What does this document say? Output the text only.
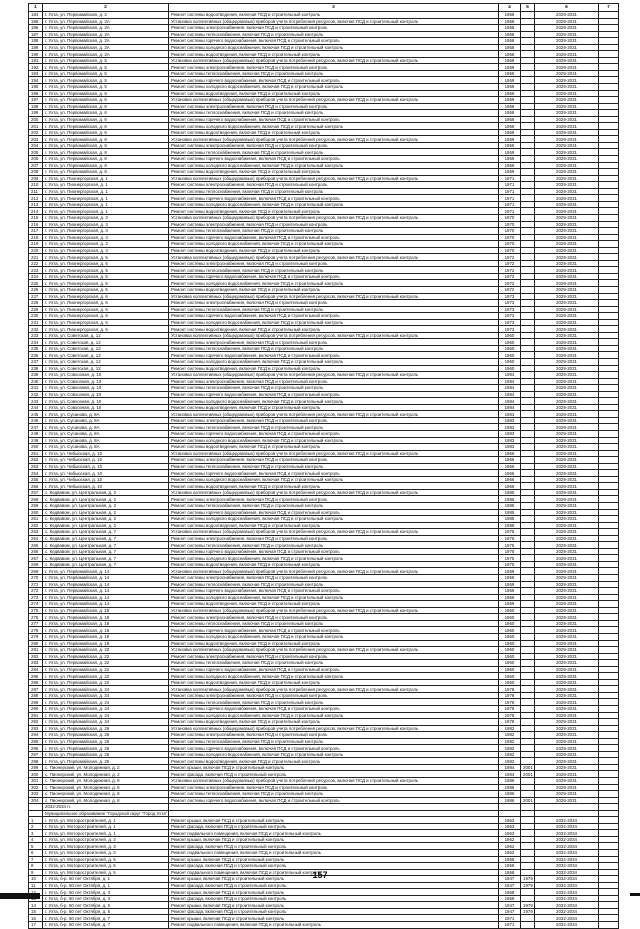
1	2	3	4	5	6	7
184	г. Ухта, ул. Первомайская, д. 2	Ремонт системы водоотведения, включая ПСД и строительный контроль	1958		2029-2031	
185	г. Ухта, ул. Первомайская, д. 2А	Установка коллективных (общедомовых) приборов учета потребления ресурсов, включая ПСД и строительный контроль	1958		2029-2031	
186	г. Ухта, ул. Первомайская, д. 2А	Ремонт системы электроснабжения, включая ПСД и строительный контроль	1958		2029-2031	
187	г. Ухта, ул. Первомайская, д. 2А	Ремонт системы теплоснабжения, включая ПСД и строительный контроль	1958		2029-2031	
188	г. Ухта, ул. Первомайская, д. 2А	Ремонт системы горячего водоснабжения, включая ПСД и строительный контроль	1958		2029-2031	
189	г. Ухта, ул. Первомайская, д. 2А	Ремонт системы холодного водоснабжения, включая ПСД и строительный контроль	1958		2029-2031	
190	г. Ухта, ул. Первомайская, д. 2А	Ремонт системы водоотведения, включая ПСД и строительный контроль	1958		2029-2031	
191	г. Ухта, ул. Первомайская, д. 5	Установка коллективных (общедомовых) приборов учета потребления ресурсов, включая ПСД и строительный контроль	1959		2029-2031	
192	г. Ухта, ул. Первомайская, д. 5	Ремонт системы электроснабжения, включая ПСД и строительный контроль	1959		2029-2031	
193	г. Ухта, ул. Первомайская, д. 5	Ремонт системы теплоснабжения, включая ПСД и строительный контроль	1959		2029-2031	
194	г. Ухта, ул. Первомайская, д. 5	Ремонт системы горячего водоснабжения, включая ПСД и строительный контроль	1959		2029-2031	
195	г. Ухта, ул. Первомайская, д. 5	Ремонт системы холодного водоснабжения, включая ПСД и строительный контроль	1959		2029-2031	
196	г. Ухта, ул. Первомайская, д. 5	Ремонт системы водоотведения, включая ПСД и строительный контроль	1959		2029-2031	
197	г. Ухта, ул. Первомайская, д. 6	Установка коллективных (общедомовых) приборов учета потребления ресурсов, включая ПСД и строительный контроль	1959		2029-2031	
198	г. Ухта, ул. Первомайская, д. 6	Ремонт системы электроснабжения, включая ПСД и строительный контроль	1959		2029-2031	
199	г. Ухта, ул. Первомайская, д. 6	Ремонт системы теплоснабжения, включая ПСД и строительный контроль	1959		2029-2031	
200	г. Ухта, ул. Первомайская, д. 6	Ремонт системы горячего водоснабжения, включая ПСД и строительный контроль	1959		2029-2031	
201	г. Ухта, ул. Первомайская, д. 6	Ремонт системы холодного водоснабжения, включая ПСД и строительный контроль	1959		2029-2031	
202	г. Ухта, ул. Первомайская, д. 6	Ремонт системы водоотведения, включая ПСД и строительный контроль	1959		2029-2031	
203	г. Ухта, ул. Первомайская, д. 8	Установка коллективных (общедомовых) приборов учета потребления ресурсов, включая ПСД и строительный контроль	1959		2029-2031	
204	г. Ухта, ул. Первомайская, д. 8	Ремонт системы электроснабжения, включая ПСД и строительный контроль	1959		2029-2031	
205	г. Ухта, ул. Первомайская, д. 8	Ремонт системы теплоснабжения, включая ПСД и строительный контроль	1959		2029-2031	
206	г. Ухта, ул. Первомайская, д. 8	Ремонт системы горячего водоснабжения, включая ПСД и строительный контроль	1959		2029-2031	
207	г. Ухта, ул. Первомайская, д. 8	Ремонт системы холодного водоснабжения, включая ПСД и строительный контроль	1959		2029-2031	
208	г. Ухта, ул. Первомайская, д. 8	Ремонт системы водоотведения, включая ПСД и строительный контроль	1959		2029-2031	
209	г. Ухта, ул. Пионергорская, д. 1	Установка коллективных (общедомовых) приборов учета потребления ресурсов, включая ПСД и строительный контроль	1971		2029-2031	
210	г. Ухта, ул. Пионергорская, д. 1	Ремонт системы электроснабжения, включая ПСД и строительный контроль	1971		2029-2031	
211	г. Ухта, ул. Пионергорская, д. 1	Ремонт системы теплоснабжения, включая ПСД и строительный контроль	1971		2029-2031	
212	г. Ухта, ул. Пионергорская, д. 1	Ремонт системы горячего водоснабжения, включая ПСД и строительный контроль	1971		2029-2031	
213	г. Ухта, ул. Пионергорская, д. 1	Ремонт системы холодного водоснабжения, включая ПСД и строительный контроль	1971		2029-2031	
214	г. Ухта, ул. Пионергорская, д. 1	Ремонт системы водоотведения, включая ПСД и строительный контроль	1971		2029-2031	
215	г. Ухта, ул. Пионергорская, д. 3	Установка коллективных (общедомовых) приборов учета потребления ресурсов, включая ПСД и строительный контроль	1970		2029-2031	
216	г. Ухта, ул. Пионергорская, д. 3	Ремонт системы электроснабжения, включая ПСД и строительный контроль	1970		2029-2031	
217	г. Ухта, ул. Пионергорская, д. 3	Ремонт системы теплоснабжения, включая ПСД и строительный контроль	1970		2029-2031	
218	г. Ухта, ул. Пионергорская, д. 3	Ремонт системы горячего водоснабжения, включая ПСД и строительный контроль	1970		2029-2031	
219	г. Ухта, ул. Пионергорская, д. 3	Ремонт системы холодного водоснабжения, включая ПСД и строительный контроль	1970		2029-2031	
220	г. Ухта, ул. Пионергорская, д. 3	Ремонт системы водоотведения, включая ПСД и строительный контроль	1970		2029-2031	
221	г. Ухта, ул. Пионергорская, д. 5	Установка коллективных (общедомовых) приборов учета потребления ресурсов, включая ПСД и строительный контроль	1972		2029-2031	
222	г. Ухта, ул. Пионергорская, д. 5	Ремонт системы электроснабжения, включая ПСД и строительный контроль	1972		2029-2031	
223	г. Ухта, ул. Пионергорская, д. 5	Ремонт системы теплоснабжения, включая ПСД и строительный контроль	1972		2029-2031	
224	г. Ухта, ул. Пионергорская, д. 5	Ремонт системы горячего водоснабжения, включая ПСД и строительный контроль	1972		2029-2031	
225	г. Ухта, ул. Пионергорская, д. 5	Ремонт системы холодного водоснабжения, включая ПСД и строительный контроль	1972		2029-2031	
226	г. Ухта, ул. Пионергорская, д. 5	Ремонт системы водоотведения, включая ПСД и строительный контроль	1972		2029-2031	
227	г. Ухта, ул. Пионергорская, д. 6	Установка коллективных (общедомовых) приборов учета потребления ресурсов, включая ПСД и строительный контроль	1973		2029-2031	
228	г. Ухта, ул. Пионергорская, д. 6	Ремонт системы электроснабжения, включая ПСД и строительный контроль	1973		2029-2031	
229	г. Ухта, ул. Пионергорская, д. 6	Ремонт системы теплоснабжения, включая ПСД и строительный контроль	1973		2029-2031	
230	г. Ухта, ул. Пионергорская, д. 6	Ремонт системы горячего водоснабжения, включая ПСД и строительный контроль	1973		2029-2031	
231	г. Ухта, ул. Пионергорская, д. 6	Ремонт системы холодного водоснабжения, включая ПСД и строительный контроль	1973		2029-2031	
232	г. Ухта, ул. Пионергорская, д. 6	Ремонт системы водоотведения, включая ПСД и строительный контроль	1973		2029-2031	
233	г. Ухта, ул. Советская, д. 12	Установка коллективных (общедомовых) приборов учета потребления ресурсов, включая ПСД и строительный контроль	1960		2029-2031	
234	г. Ухта, ул. Советская, д. 12	Ремонт системы электроснабжения, включая ПСД и строительный контроль	1960		2029-2031	
235	г. Ухта, ул. Советская, д. 12	Ремонт системы теплоснабжения, включая ПСД и строительный контроль	1960		2029-2031	
236	г. Ухта, ул. Советская, д. 12	Ремонт системы горячего водоснабжения, включая ПСД и строительный контроль	1960		2029-2031	
237	г. Ухта, ул. Советская, д. 12	Ремонт системы холодного водоснабжения, включая ПСД и строительный контроль	1960		2029-2031	
238	г. Ухта, ул. Советская, д. 12	Ремонт системы водоотведения, включая ПСД и строительный контроль	1960		2029-2031	
239	г. Ухта, ул. Совхозная, д. 10	Установка коллективных (общедомовых) приборов учета потребления ресурсов, включая ПСД и строительный контроль	1984		2029-2031	
240	г. Ухта, ул. Совхозная, д. 10	Ремонт системы электроснабжения, включая ПСД и строительный контроль	1984		2029-2031	
241	г. Ухта, ул. Совхозная, д. 10	Ремонт системы теплоснабжения, включая ПСД и строительный контроль	1984		2029-2031	
242	г. Ухта, ул. Совхозная, д. 10	Ремонт системы горячего водоснабжения, включая ПСД и строительный контроль	1984		2029-2031	
243	г. Ухта, ул. Совхозная, д. 10	Ремонт системы холодного водоснабжения, включая ПСД и строительный контроль	1984		2029-2031	
244	г. Ухта, ул. Совхозная, д. 10	Ремонт системы водоотведения, включая ПСД и строительный контроль	1984		2029-2031	
245	г. Ухта, ул. Сусанова, д. 8А	Установка коллективных (общедомовых) приборов учета потребления ресурсов, включая ПСД и строительный контроль	1983		2029-2031	
246	г. Ухта, ул. Сусанова, д. 8А	Ремонт системы электроснабжения, включая ПСД и строительный контроль	1983		2029-2031	
247	г. Ухта, ул. Сусанова, д. 8А	Ремонт системы теплоснабжения, включая ПСД и строительный контроль	1983		2029-2031	
248	г. Ухта, ул. Сусанова, д. 8А	Ремонт системы горячего водоснабжения, включая ПСД и строительный контроль	1983		2029-2031	
249	г. Ухта, ул. Сусанова, д. 8А	Ремонт системы холодного водоснабжения, включая ПСД и строительный контроль	1983		2029-2031	
250	г. Ухта, ул. Сусанова, д. 8А	Ремонт системы водоотведения, включая ПСД и строительный контроль	1983		2029-2031	
251	г. Ухта, ул. Чибьюская, д. 10	Установка коллективных (общедомовых) приборов учета потребления ресурсов, включая ПСД и строительный контроль	1966		2029-2031	
252	г. Ухта, ул. Чибьюская, д. 10	Ремонт системы электроснабжения, включая ПСД и строительный контроль	1966		2029-2031	
253	г. Ухта, ул. Чибьюская, д. 10	Ремонт системы теплоснабжения, включая ПСД и строительный контроль	1966		2029-2031	
254	г. Ухта, ул. Чибьюская, д. 10	Ремонт системы горячего водоснабжения, включая ПСД и строительный контроль	1966		2029-2031	
255	г. Ухта, ул. Чибьюская, д. 10	Ремонт системы холодного водоснабжения, включая ПСД и строительный контроль	1966		2029-2031	
256	г. Ухта, ул. Чибьюская, д. 10	Ремонт системы водоотведения, включая ПСД и строительный контроль	1966		2029-2031	
257	с. Кедвавом, ул. Центральная, д. 2	Установка коллективных (общедомовых) приборов учета потребления ресурсов, включая ПСД и строительный контроль	1985		2029-2031	
258	с. Кедвавом, ул. Центральная, д. 2	Ремонт системы электроснабжения, включая ПСД и строительный контроль	1985		2029-2031	
259	с. Кедвавом, ул. Центральная, д. 2	Ремонт системы теплоснабжения, включая ПСД и строительный контроль	1985		2029-2031	
260	с. Кедвавом, ул. Центральная, д. 2	Ремонт системы горячего водоснабжения, включая ПСД и строительный контроль	1985		2029-2031	
261	с. Кедвавом, ул. Центральная, д. 2	Ремонт системы холодного водоснабжения, включая ПСД и строительный контроль	1985		2029-2031	
262	с. Кедвавом, ул. Центральная, д. 2	Ремонт системы водоотведения, включая ПСД и строительный контроль	1985		2029-2031	
263	с. Кедвавом, ул. Центральная, д. 7	Установка коллективных (общедомовых) приборов учета потребления ресурсов, включая ПСД и строительный контроль	1975		2029-2031	
264	с. Кедвавом, ул. Центральная, д. 7	Ремонт системы электроснабжения, включая ПСД и строительный контроль	1975		2029-2031	
265	с. Кедвавом, ул. Центральная, д. 7	Ремонт системы теплоснабжения, включая ПСД и строительный контроль	1975		2029-2031	
266	с. Кедвавом, ул. Центральная, д. 7	Ремонт системы горячего водоснабжения, включая ПСД и строительный контроль	1975		2029-2031	
267	с. Кедвавом, ул. Центральная, д. 7	Ремонт системы холодного водоснабжения, включая ПСД и строительный контроль	1975		2029-2031	
268	с. Кедвавом, ул. Центральная, д. 7	Ремонт системы водоотведения, включая ПСД и строительный контроль	1975		2029-2031	
269	г. Ухта, ул. Первомайская, д. 14	Установка коллективных (общедомовых) приборов учета потребления ресурсов, включая ПСД и строительный контроль	1959		2029-2031	
270	г. Ухта, ул. Первомайская, д. 14	Ремонт системы электроснабжения, включая ПСД и строительный контроль	1959		2029-2031	
271	г. Ухта, ул. Первомайская, д. 14	Ремонт системы теплоснабжения, включая ПСД и строительный контроль	1959		2029-2031	
272	г. Ухта, ул. Первомайская, д. 14	Ремонт системы горячего водоснабжения, включая ПСД и строительный контроль	1959		2029-2031	
273	г. Ухта, ул. Первомайская, д. 14	Ремонт системы холодного водоснабжения, включая ПСД и строительный контроль	1959		2029-2031	
274	г. Ухта, ул. Первомайская, д. 14	Ремонт системы водоотведения, включая ПСД и строительный контроль	1959		2029-2031	
275	г. Ухта, ул. Первомайская, д. 18	Установка коллективных (общедомовых) приборов учета потребления ресурсов, включая ПСД и строительный контроль	1960		2029-2031	
276	г. Ухта, ул. Первомайская, д. 18	Ремонт системы электроснабжения, включая ПСД и строительный контроль	1960		2029-2031	
277	г. Ухта, ул. Первомайская, д. 18	Ремонт системы теплоснабжения, включая ПСД и строительный контроль	1960		2029-2031	
278	г. Ухта, ул. Первомайская, д. 18	Ремонт системы горячего водоснабжения, включая ПСД и строительный контроль	1960		2029-2031	
279	г. Ухта, ул. Первомайская, д. 18	Ремонт системы холодного водоснабжения, включая ПСД и строительный контроль	1960		2029-2031	
280	г. Ухта, ул. Первомайская, д. 18	Ремонт системы водоотведения, включая ПСД и строительный контроль	1960		2029-2031	
281	г. Ухта, ул. Первомайская, д. 22	Установка коллективных (общедомовых) приборов учета потребления ресурсов, включая ПСД и строительный контроль	1960		2029-2031	
282	г. Ухта, ул. Первомайская, д. 22	Ремонт системы электроснабжения, включая ПСД и строительный контроль	1960		2029-2031	
283	г. Ухта, ул. Первомайская, д. 22	Ремонт системы теплоснабжения, включая ПСД и строительный контроль	1960		2029-2031	
284	г. Ухта, ул. Первомайская, д. 22	Ремонт системы горячего водоснабжения, включая ПСД и строительный контроль	1960		2029-2031	
285	г. Ухта, ул. Первомайская, д. 22	Ремонт системы холодного водоснабжения, включая ПСД и строительный контроль	1960		2029-2031	
286	г. Ухта, ул. Первомайская, д. 22	Ремонт системы водоотведения, включая ПСД и строительный контроль	1960		2029-2031	
287	г. Ухта, ул. Первомайская, д. 24	Установка коллективных (общедомовых) приборов учета потребления ресурсов, включая ПСД и строительный контроль	1978		2029-2031	
288	г. Ухта, ул. Первомайская, д. 24	Ремонт системы электроснабжения, включая ПСД и строительный контроль	1978		2029-2031	
289	г. Ухта, ул. Первомайская, д. 24	Ремонт системы теплоснабжения, включая ПСД и строительный контроль	1978		2029-2031	
290	г. Ухта, ул. Первомайская, д. 24	Ремонт системы горячего водоснабжения, включая ПСД и строительный контроль	1978		2029-2031	
291	г. Ухта, ул. Первомайская, д. 24	Ремонт системы холодного водоснабжения, включая ПСД и строительный контроль	1978		2029-2031	
292	г. Ухта, ул. Первомайская, д. 24	Ремонт системы водоотведения, включая ПСД и строительный контроль	1978		2029-2031	
293	г. Ухта, ул. Первомайская, д. 26	Установка коллективных (общедомовых) приборов учета потребления ресурсов, включая ПСД и строительный контроль	1982		2029-2031	
294	г. Ухта, ул. Первомайская, д. 26	Ремонт системы электроснабжения, включая ПСД и строительный контроль	1982		2029-2031	
295	г. Ухта, ул. Первомайская, д. 26	Ремонт системы теплоснабжения, включая ПСД и строительный контроль	1982		2029-2031	
296	г. Ухта, ул. Первомайская, д. 26	Ремонт системы горячего водоснабжения, включая ПСД и строительный контроль	1982		2029-2031	
297	г. Ухта, ул. Первомайская, д. 26	Ремонт системы холодного водоснабжения, включая ПСД и строительный контроль	1982		2029-2031	
298	г. Ухта, ул. Первомайская, д. 26	Ремонт системы водоотведения, включая ПСД и строительный контроль	1982		2029-2031	
299	с. Пионерский, ул. Молодежная, д. 2	Ремонт крыши, включая ПСД и строительный контроль	1984	2001	2029-2031	
300	с. Пионерский, ул. Молодежная, д. 2	Ремонт фасада, включая ПСД и строительный контроль	1984	2001	2029-2031	
301	с. Пионерский, ул. Молодежная, д. 8	Установка коллективных (общедомовых) приборов учета потребления ресурсов, включая ПСД и строительный контроль	1986		2029-2031	
302	с. Пионерский, ул. Молодежная, д. 8	Ремонт системы электроснабжения, включая ПСД и строительный контроль	1986		2029-2031	
303	с. Пионерский, ул. Молодежная, д. 8	Ремонт системы теплоснабжения, включая ПСД и строительный контроль	1986		2029-2031	
304	с. Пионерский, ул. Молодежная, д. 8	Ремонт системы горячего водоснабжения, включая ПСД и строительный контроль	1986	2001	2029-2031	
	2032-2034 гг.					
	Муниципальное образование "Городской округ "Город Ухта"					
1	г. Ухта, ул. Моторостроителей, д. 1	Ремонт крыши, включая ПСД и строительный контроль	1963		2032-2034	
2	г. Ухта, ул. Моторостроителей, д. 1	Ремонт фасада, включая ПСД и строительный контроль	1963		2032-2034	
3	г. Ухта, ул. Моторостроителей, д. 1	Ремонт подвального помещения, включая ПСД и строительный контроль	1963		2032-2034	
4	г. Ухта, ул. Моторостроителей, д. 3	Ремонт крыши, включая ПСД и строительный контроль	1962		2032-2034	
5	г. Ухта, ул. Моторостроителей, д. 3	Ремонт фасада, включая ПСД и строительный контроль	1962		2032-2034	
6	г. Ухта, ул. Моторостроителей, д. 3	Ремонт подвального помещения, включая ПСД и строительный контроль	1962		2032-2034	
7	г. Ухта, ул. Моторостроителей, д. 5	Ремонт крыши, включая ПСД и строительный контроль	1958		2032-2034	
8	г. Ухта, ул. Моторостроителей, д. 5	Ремонт фасада, включая ПСД и строительный контроль	1958		2032-2034	
9	г. Ухта, ул. Моторостроителей, д. 5	Ремонт подвального помещения, включая ПСД и строительный контроль	1958		2032-2034	
10	г. Ухта, б-р. 50 лет Октября, д. 1	Ремонт крыши, включая ПСД и строительный контроль	1947	1979	2032-2034	
11	г. Ухта, б-р. 50 лет Октября, д. 1	Ремонт фасада, включая ПСД и строительный контроль	1947	1979	2032-2034	
	г. Ухта, б-р. 50 лет Октября, д. 3	Ремонт крыши, включая ПСД и строительный контроль	1958		2032-2034	
	г. Ухта, б-р. 50 лет Октября, д. 3	Ремонт фасада, включая ПСД и строительный контроль	1958		2032-2034	
14	г. Ухта, б-р. 50 лет Октября, д. 5	Ремонт крыши, включая ПСД и строительный контроль	1947	1979	2032-2034	
15	г. Ухта, б-р. 50 лет Октября, д. 5	Ремонт фасада, включая ПСД и строительный контроль	1947	1979	2032-2034	
16	г. Ухта, б-р. 50 лет Октября, д. 7	Ремонт крыши, включая ПСД и строительный контроль	1971		2032-2034	
17	г. Ухта, б-р. 50 лет Октября, д. 7	Ремонт подвального помещения, включая ПСД и строительный контроль	1971		2032-2034	
157
